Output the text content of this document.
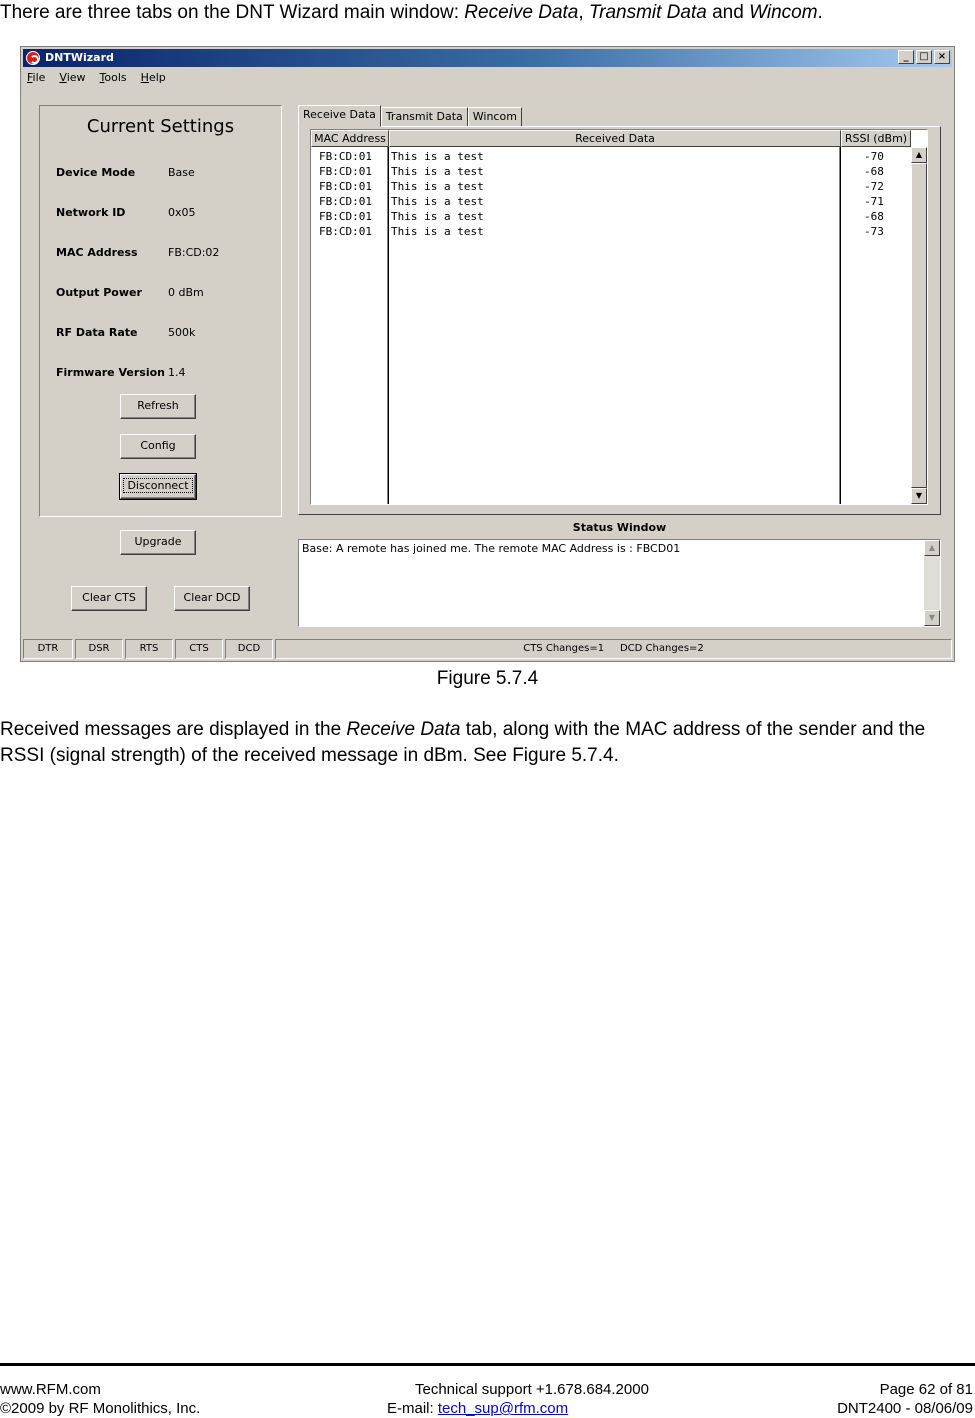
There are three tabs on the DNT Wizard main window: Receive Data, Transmit Data and Wincom.
DNTWizard	_	□ ×
File View Tools Help
Current Settings
Device Mode	Base
Network ID	0x05
MAC Address	FB:CD:02
Output Power 0 dBm
RF Data Rate	500k
Firmware Version 1.4
Refresh
Config
Disconnect
Upgrade
Clear CTS	Clear DCD
Receive Data Transmit Data Wincom
MAC Address	Received Data	RSSI (dBm)
FB:CD:01 This is a test	-70
FB:CD:01 This is a test	-68
FB:CD:01 This is a test	-72
FB:CD:01 This is a test	-71
FB:CD:01 This is a test	-68
FB:CD:01 This is a test	-73
▲
▼
Status Window
Base: A remote has joined me. The remote MAC Address is : FBCD01	▲
▼
DTR	DSR	RTS	CTS	DCD	CTS Changes=1     DCD Changes=2
Figure 5.7.4
Received messages are displayed in the Receive Data tab, along with the MAC address of the sender and the RSSI (signal strength) of the received message in dBm. See Figure 5.7.4.
www.RFM.com
©2009 by RF Monolithics, Inc.
Technical support +1.678.684.2000
E-mail: tech_sup@rfm.com
Page 62 of 81
DNT2400 - 08/06/09
